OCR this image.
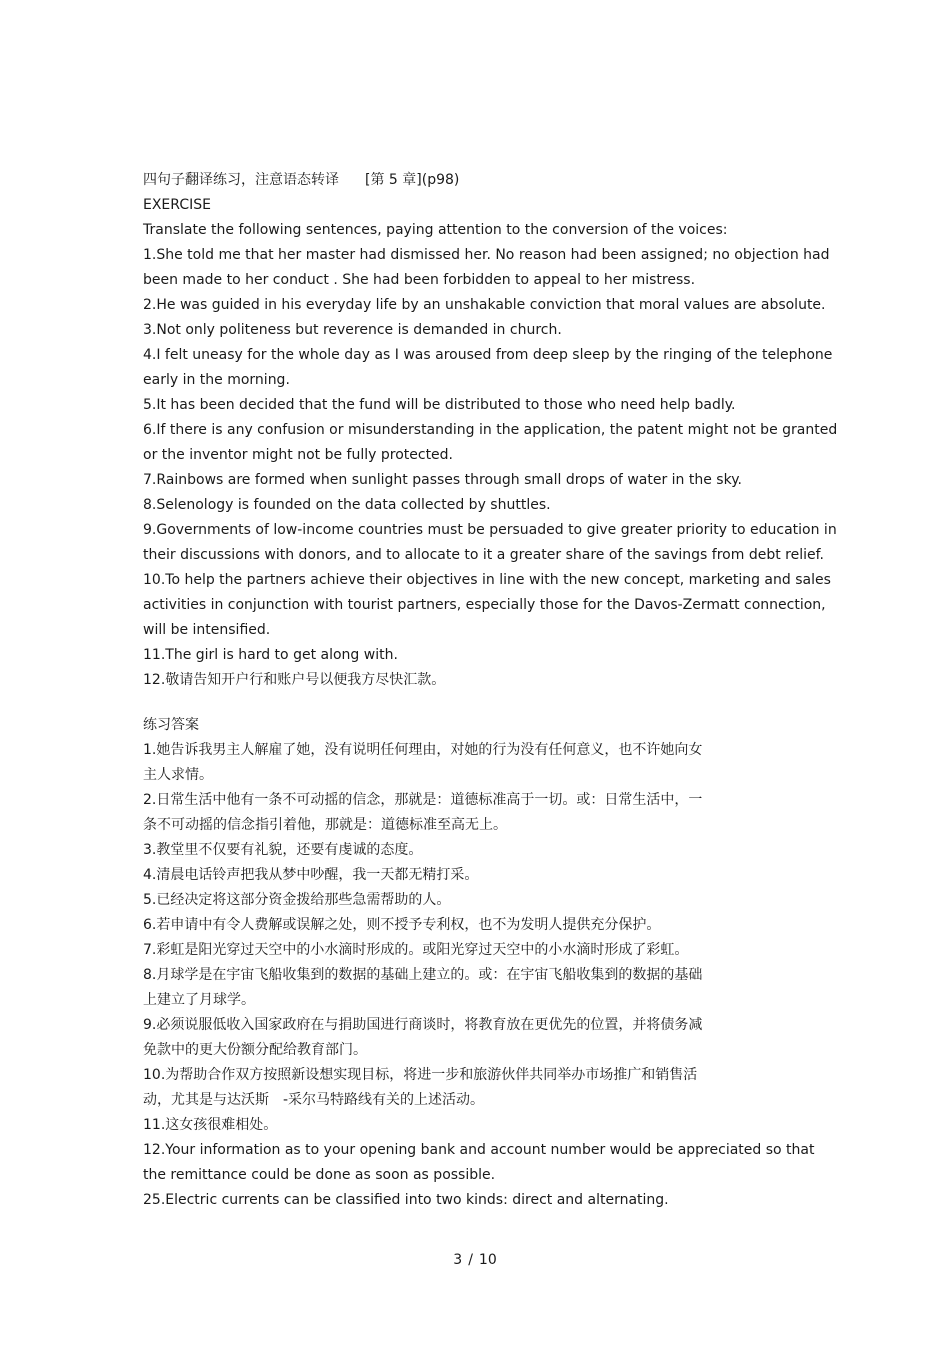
四句子翻译练习，注意语态转译 [第 5 章](p98)
EXERCISE
Translate the following sentences, paying attention to the conversion of the voices:
1.She told me that her master had dismissed her. No reason had been assigned; no objection had
been made to her conduct . She had been forbidden to appeal to her mistress.
2.He was guided in his everyday life by an unshakable conviction that moral values are absolute.
3.Not only politeness but reverence is demanded in church.
4.I felt uneasy for the whole day as I was aroused from deep sleep by the ringing of the telephone
early in the morning.
5.It has been decided that the fund will be distributed to those who need help badly.
6.If there is any confusion or misunderstanding in the application, the patent might not be granted
or the inventor might not be fully protected.
7.Rainbows are formed when sunlight passes through small drops of water in the sky.
8.Selenology is founded on the data collected by shuttles.
9.Governments of low-income countries must be persuaded to give greater priority to education in
their discussions with donors, and to allocate to it a greater share of the savings from debt relief.
10.To help the partners achieve their objectives in line with the new concept, marketing and sales
activities in conjunction with tourist partners, especially those for the Davos-Zermatt connection,
will be intensified.
11.The girl is hard to get along with.
12.敬请告知开户行和账户号以便我方尽快汇款。
练习答案
1.她告诉我男主人解雇了她，没有说明任何理由，对她的行为没有任何意义，也不许她向女
主人求情。
2.日常生活中他有一条不可动摇的信念，那就是：道德标准高于一切。或：日常生活中，一
条不可动摇的信念指引着他，那就是：道德标准至高无上。
3.教堂里不仅要有礼貌，还要有虔诚的态度。
4.清晨电话铃声把我从梦中吵醒，我一天都无精打采。
5.已经决定将这部分资金拨给那些急需帮助的人。
6.若申请中有令人费解或误解之处，则不授予专利权，也不为发明人提供充分保护。
7.彩虹是阳光穿过天空中的小水滴时形成的。或阳光穿过天空中的小水滴时形成了彩虹。
8.月球学是在宇宙飞船收集到的数据的基础上建立的。或：在宇宙飞船收集到的数据的基础
上建立了月球学。
9.必须说服低收入国家政府在与捐助国进行商谈时，将教育放在更优先的位置，并将债务减
免款中的更大份额分配给教育部门。
10.为帮助合作双方按照新设想实现目标，将进一步和旅游伙伴共同举办市场推广和销售活
动，尤其是与达沃斯　-采尔马特路线有关的上述活动。
11.这女孩很难相处。
12.Your information as to your opening bank and account number would be appreciated so that
the remittance could be done as soon as possible.
25.Electric currents can be classified into two kinds: direct and alternating.
3 / 10
